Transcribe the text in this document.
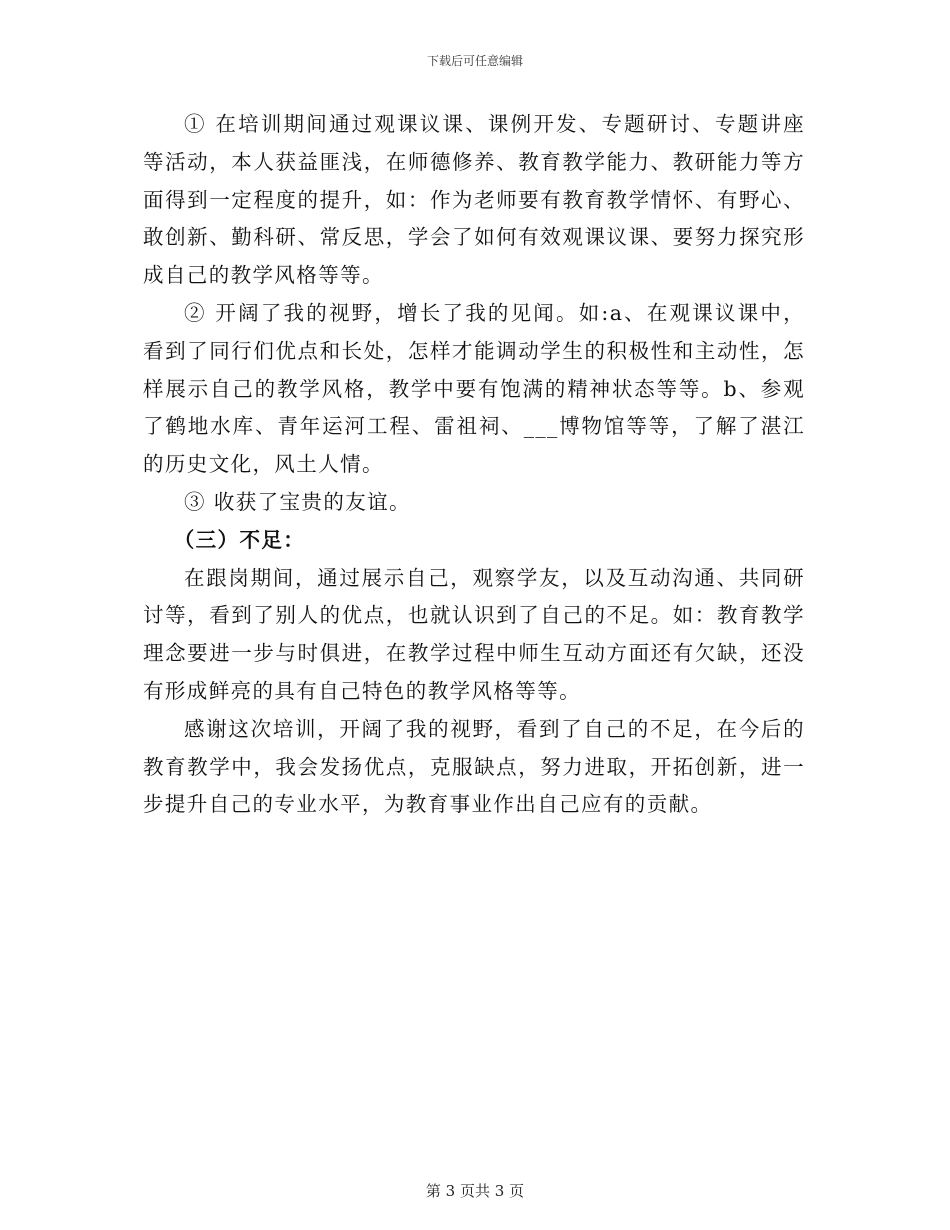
下载后可任意编辑

① 在培训期间通过观课议课、课例开发、专题研讨、专题讲座等活动，本人获益匪浅，在师德修养、教育教学能力、教研能力等方面得到一定程度的提升，如：作为老师要有教育教学情怀、有野心、敢创新、勤科研、常反思，学会了如何有效观课议课、要努力探究形成自己的教学风格等等。

② 开阔了我的视野，增长了我的见闻。如:a、在观课议课中，看到了同行们优点和长处，怎样才能调动学生的积极性和主动性，怎样展示自己的教学风格，教学中要有饱满的精神状态等等。b、参观了鹤地水库、青年运河工程、雷祖祠、___博物馆等等，了解了湛江的历史文化，风土人情。

③ 收获了宝贵的友谊。

（三）不足：

在跟岗期间，通过展示自己，观察学友，以及互动沟通、共同研讨等，看到了别人的优点，也就认识到了自己的不足。如：教育教学理念要进一步与时俱进，在教学过程中师生互动方面还有欠缺，还没有形成鲜亮的具有自己特色的教学风格等等。

感谢这次培训，开阔了我的视野，看到了自己的不足，在今后的教育教学中，我会发扬优点，克服缺点，努力进取，开拓创新，进一步提升自己的专业水平，为教育事业作出自己应有的贡献。

第 3 页共 3 页
